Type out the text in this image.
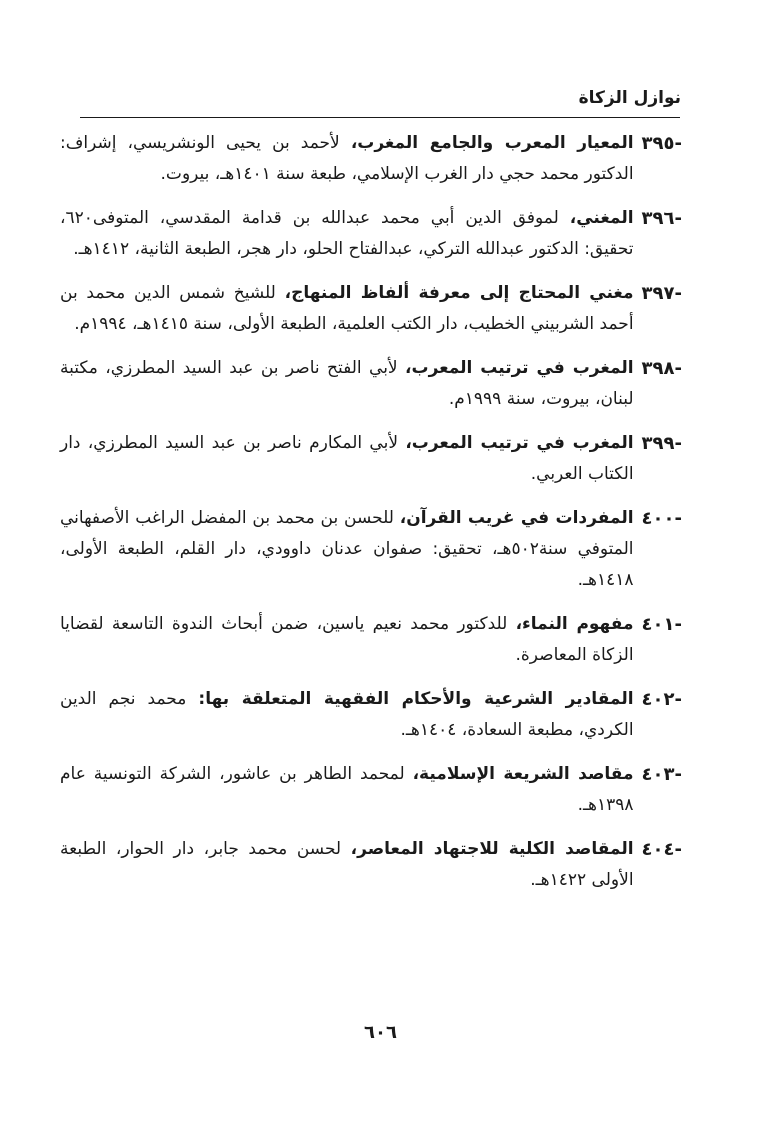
نوازل الزكاة
٣٩٥-
المعيار المعرب والجامع المغرب، لأحمد بن يحيى الونشريسي، إشراف: الدكتور محمد حجي دار الغرب الإسلامي، طبعة سنة ١٤٠١هـ، بيروت.
٣٩٦-
المغني، لموفق الدين أبي محمد عبدالله بن قدامة المقدسي، المتوفى٦٢٠، تحقيق: الدكتور عبدالله التركي، عبدالفتاح الحلو، دار هجر، الطبعة الثانية، ١٤١٢هـ.
٣٩٧-
مغني المحتاج إلى معرفة ألفاظ المنهاج، للشيخ شمس الدين محمد بن أحمد الشربيني الخطيب، دار الكتب العلمية، الطبعة الأولى، سنة ١٤١٥هـ، ١٩٩٤م.
٣٩٨-
المغرب في ترتيب المعرب، لأبي الفتح ناصر بن عبد السيد المطرزي، مكتبة لبنان، بيروت، سنة ١٩٩٩م.
٣٩٩-
المغرب في ترتيب المعرب، لأبي المكارم ناصر بن عبد السيد المطرزي، دار الكتاب العربي.
٤٠٠-
المفردات في غريب القرآن، للحسن بن محمد بن المفضل الراغب الأصفهاني المتوفي سنة٥٠٢هـ، تحقيق: صفوان عدنان داوودي، دار القلم، الطبعة الأولى، ١٤١٨هـ.
٤٠١-
مفهوم النماء، للدكتور محمد نعيم ياسين، ضمن أبحاث الندوة التاسعة لقضايا الزكاة المعاصرة.
٤٠٢-
المقادير الشرعية والأحكام الفقهية المتعلقة بها: محمد نجم الدين الكردي، مطبعة السعادة، ١٤٠٤هـ.
٤٠٣-
مقاصد الشريعة الإسلامية، لمحمد الطاهر بن عاشور، الشركة التونسية عام ١٣٩٨هـ.
٤٠٤-
المقاصد الكلية للاجتهاد المعاصر، لحسن محمد جابر، دار الحوار، الطبعة الأولى ١٤٢٢هـ.
٦٠٦
